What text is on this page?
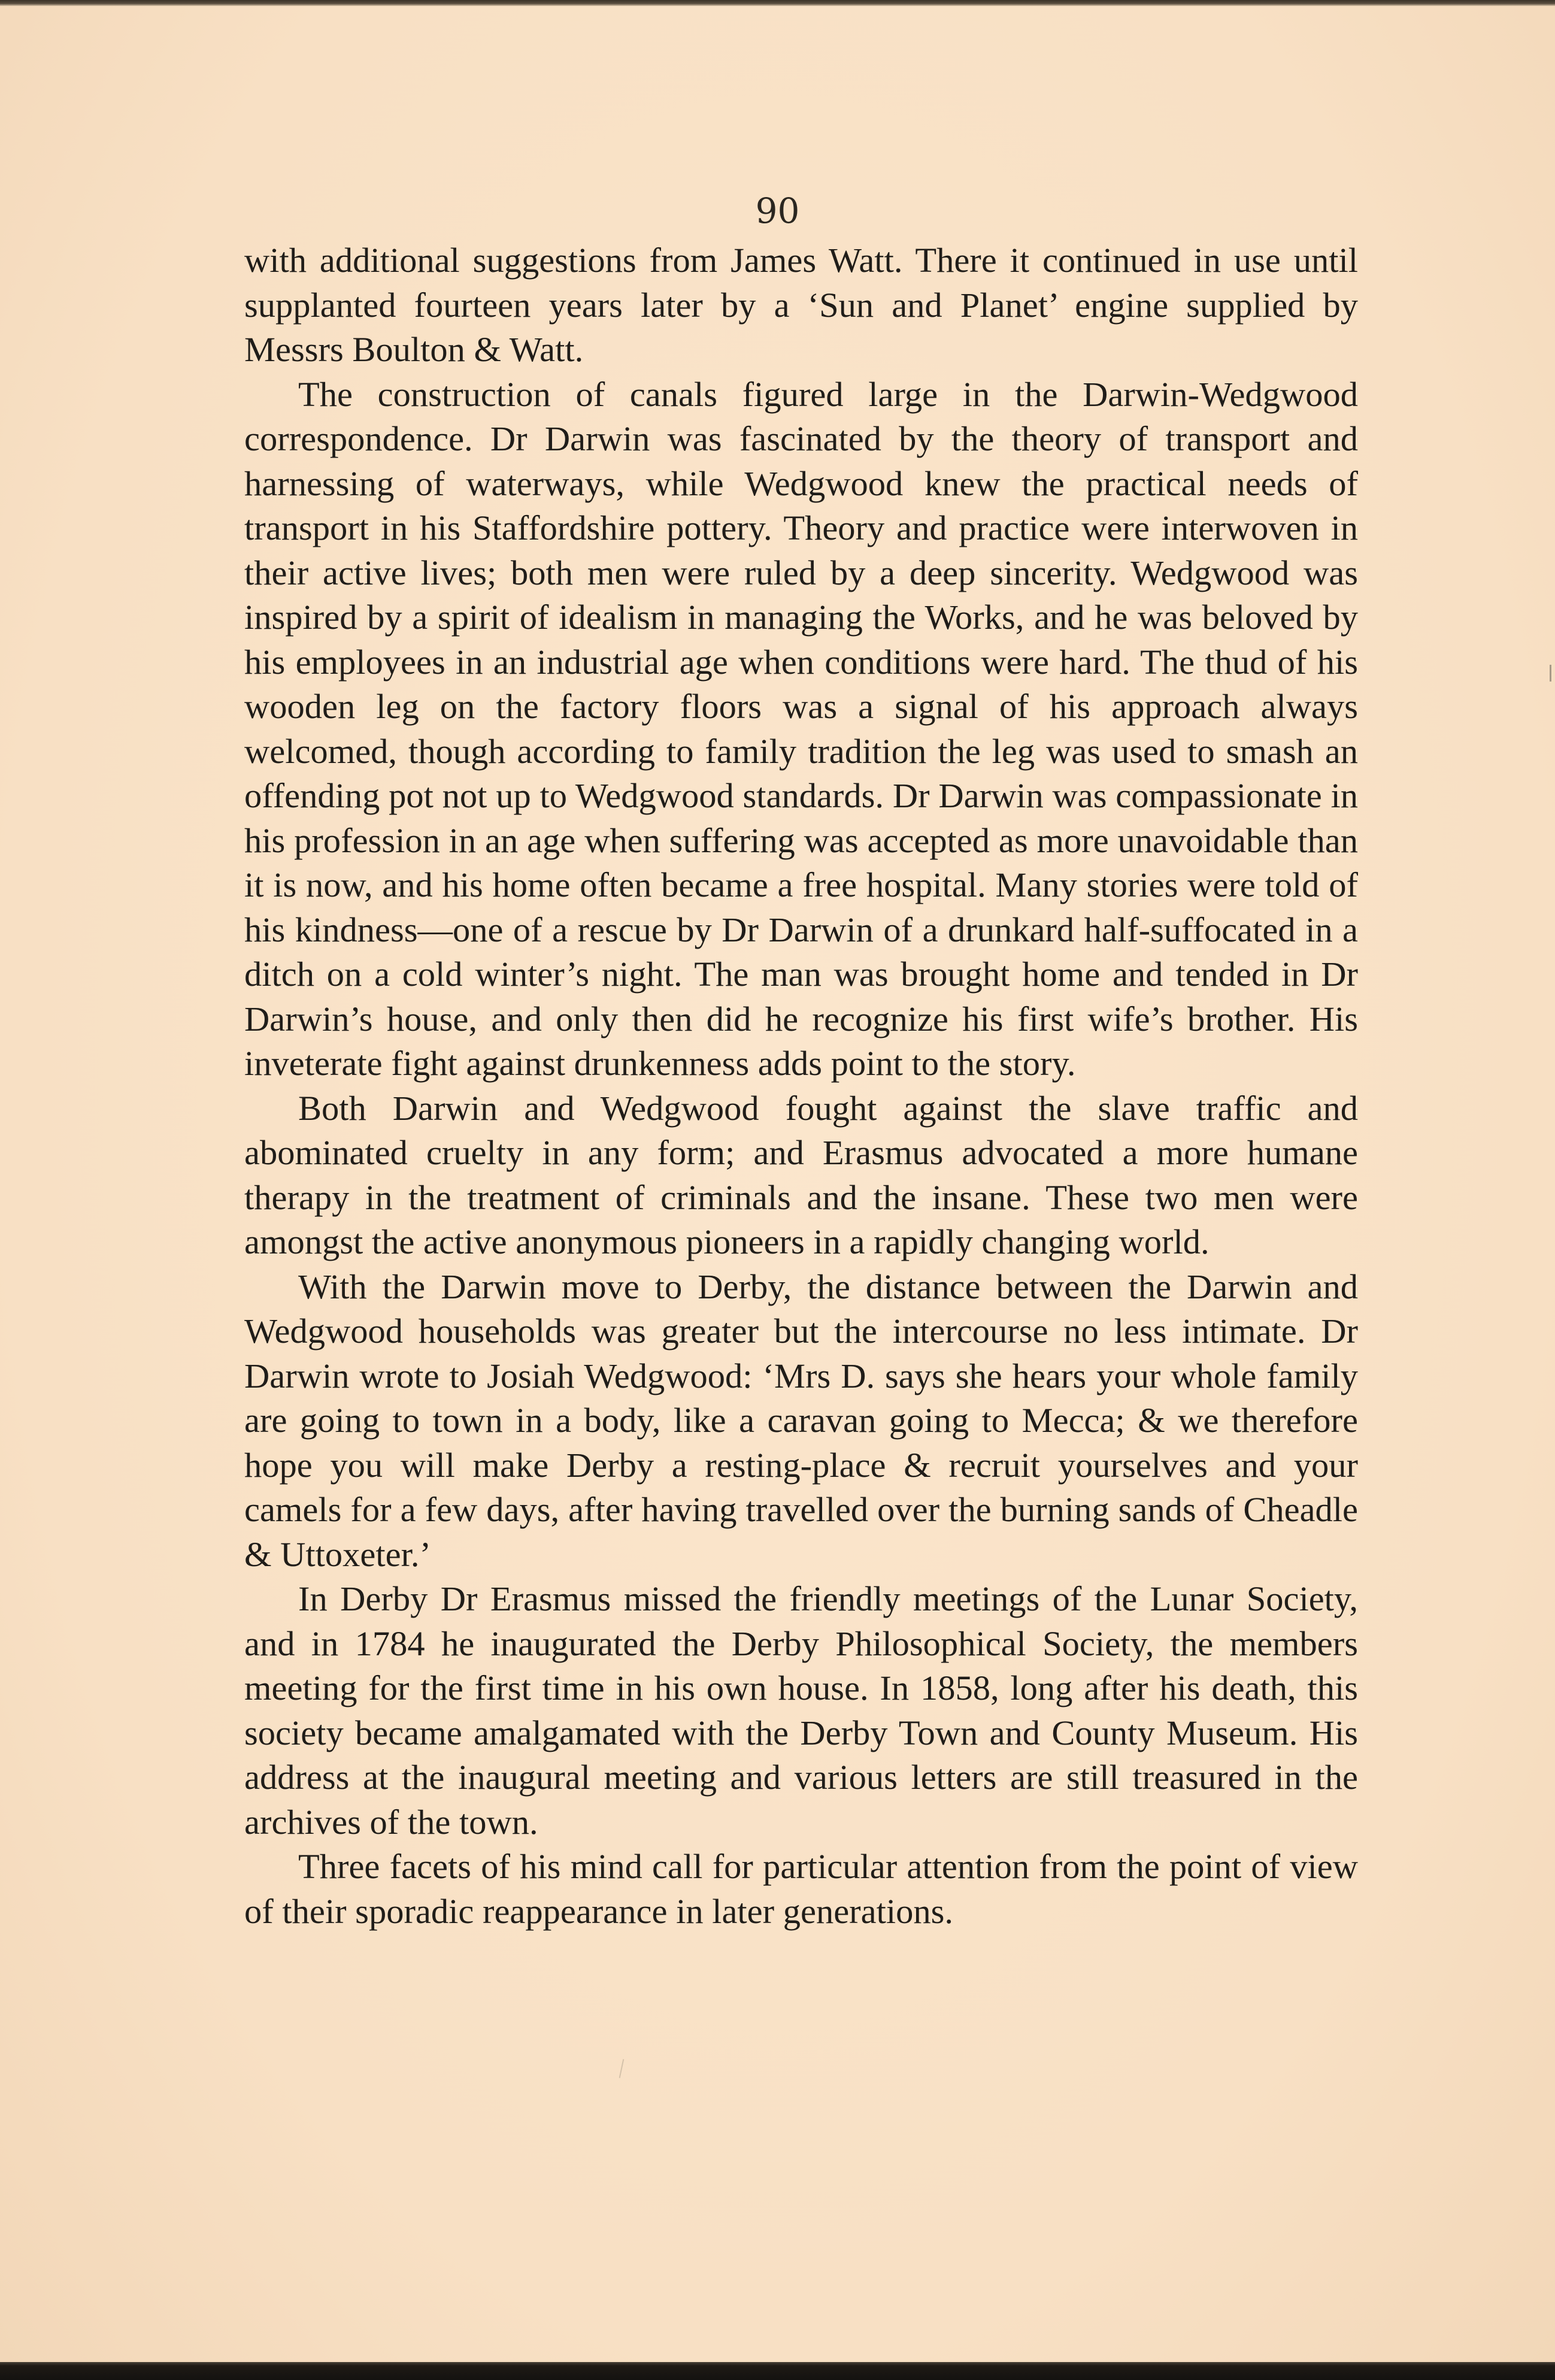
90

with additional suggestions from James Watt. There it continued in use until supplanted fourteen years later by a ‘Sun and Planet’ engine supplied by Messrs Boulton & Watt.

The construction of canals figured large in the Darwin-Wedgwood correspondence. Dr Darwin was fascinated by the theory of transport and harnessing of waterways, while Wedgwood knew the practical needs of transport in his Staffordshire pottery. Theory and practice were interwoven in their active lives; both men were ruled by a deep sincerity. Wedgwood was inspired by a spirit of idealism in managing the Works, and he was beloved by his employees in an industrial age when conditions were hard. The thud of his wooden leg on the factory floors was a signal of his approach always welcomed, though according to family tradition the leg was used to smash an offending pot not up to Wedgwood standards. Dr Darwin was compassionate in his profession in an age when suffering was accepted as more unavoidable than it is now, and his home often became a free hospital. Many stories were told of his kindness—one of a rescue by Dr Darwin of a drunkard half-suffocated in a ditch on a cold winter’s night. The man was brought home and tended in Dr Darwin’s house, and only then did he recognize his first wife’s brother. His inveterate fight against drunkenness adds point to the story.

Both Darwin and Wedgwood fought against the slave traffic and abominated cruelty in any form; and Erasmus advocated a more humane therapy in the treatment of criminals and the insane. These two men were amongst the active anonymous pioneers in a rapidly changing world.

With the Darwin move to Derby, the distance between the Darwin and Wedgwood households was greater but the intercourse no less intimate. Dr Darwin wrote to Josiah Wedgwood: ‘Mrs D. says she hears your whole family are going to town in a body, like a caravan going to Mecca; & we therefore hope you will make Derby a resting-place & recruit yourselves and your camels for a few days, after having travelled over the burning sands of Cheadle & Uttoxeter.’

In Derby Dr Erasmus missed the friendly meetings of the Lunar Society, and in 1784 he inaugurated the Derby Philosophical Society, the members meeting for the first time in his own house. In 1858, long after his death, this society became amalgamated with the Derby Town and County Museum. His address at the inaugural meeting and various letters are still treasured in the archives of the town.

Three facets of his mind call for particular attention from the point of view of their sporadic reappearance in later generations.
